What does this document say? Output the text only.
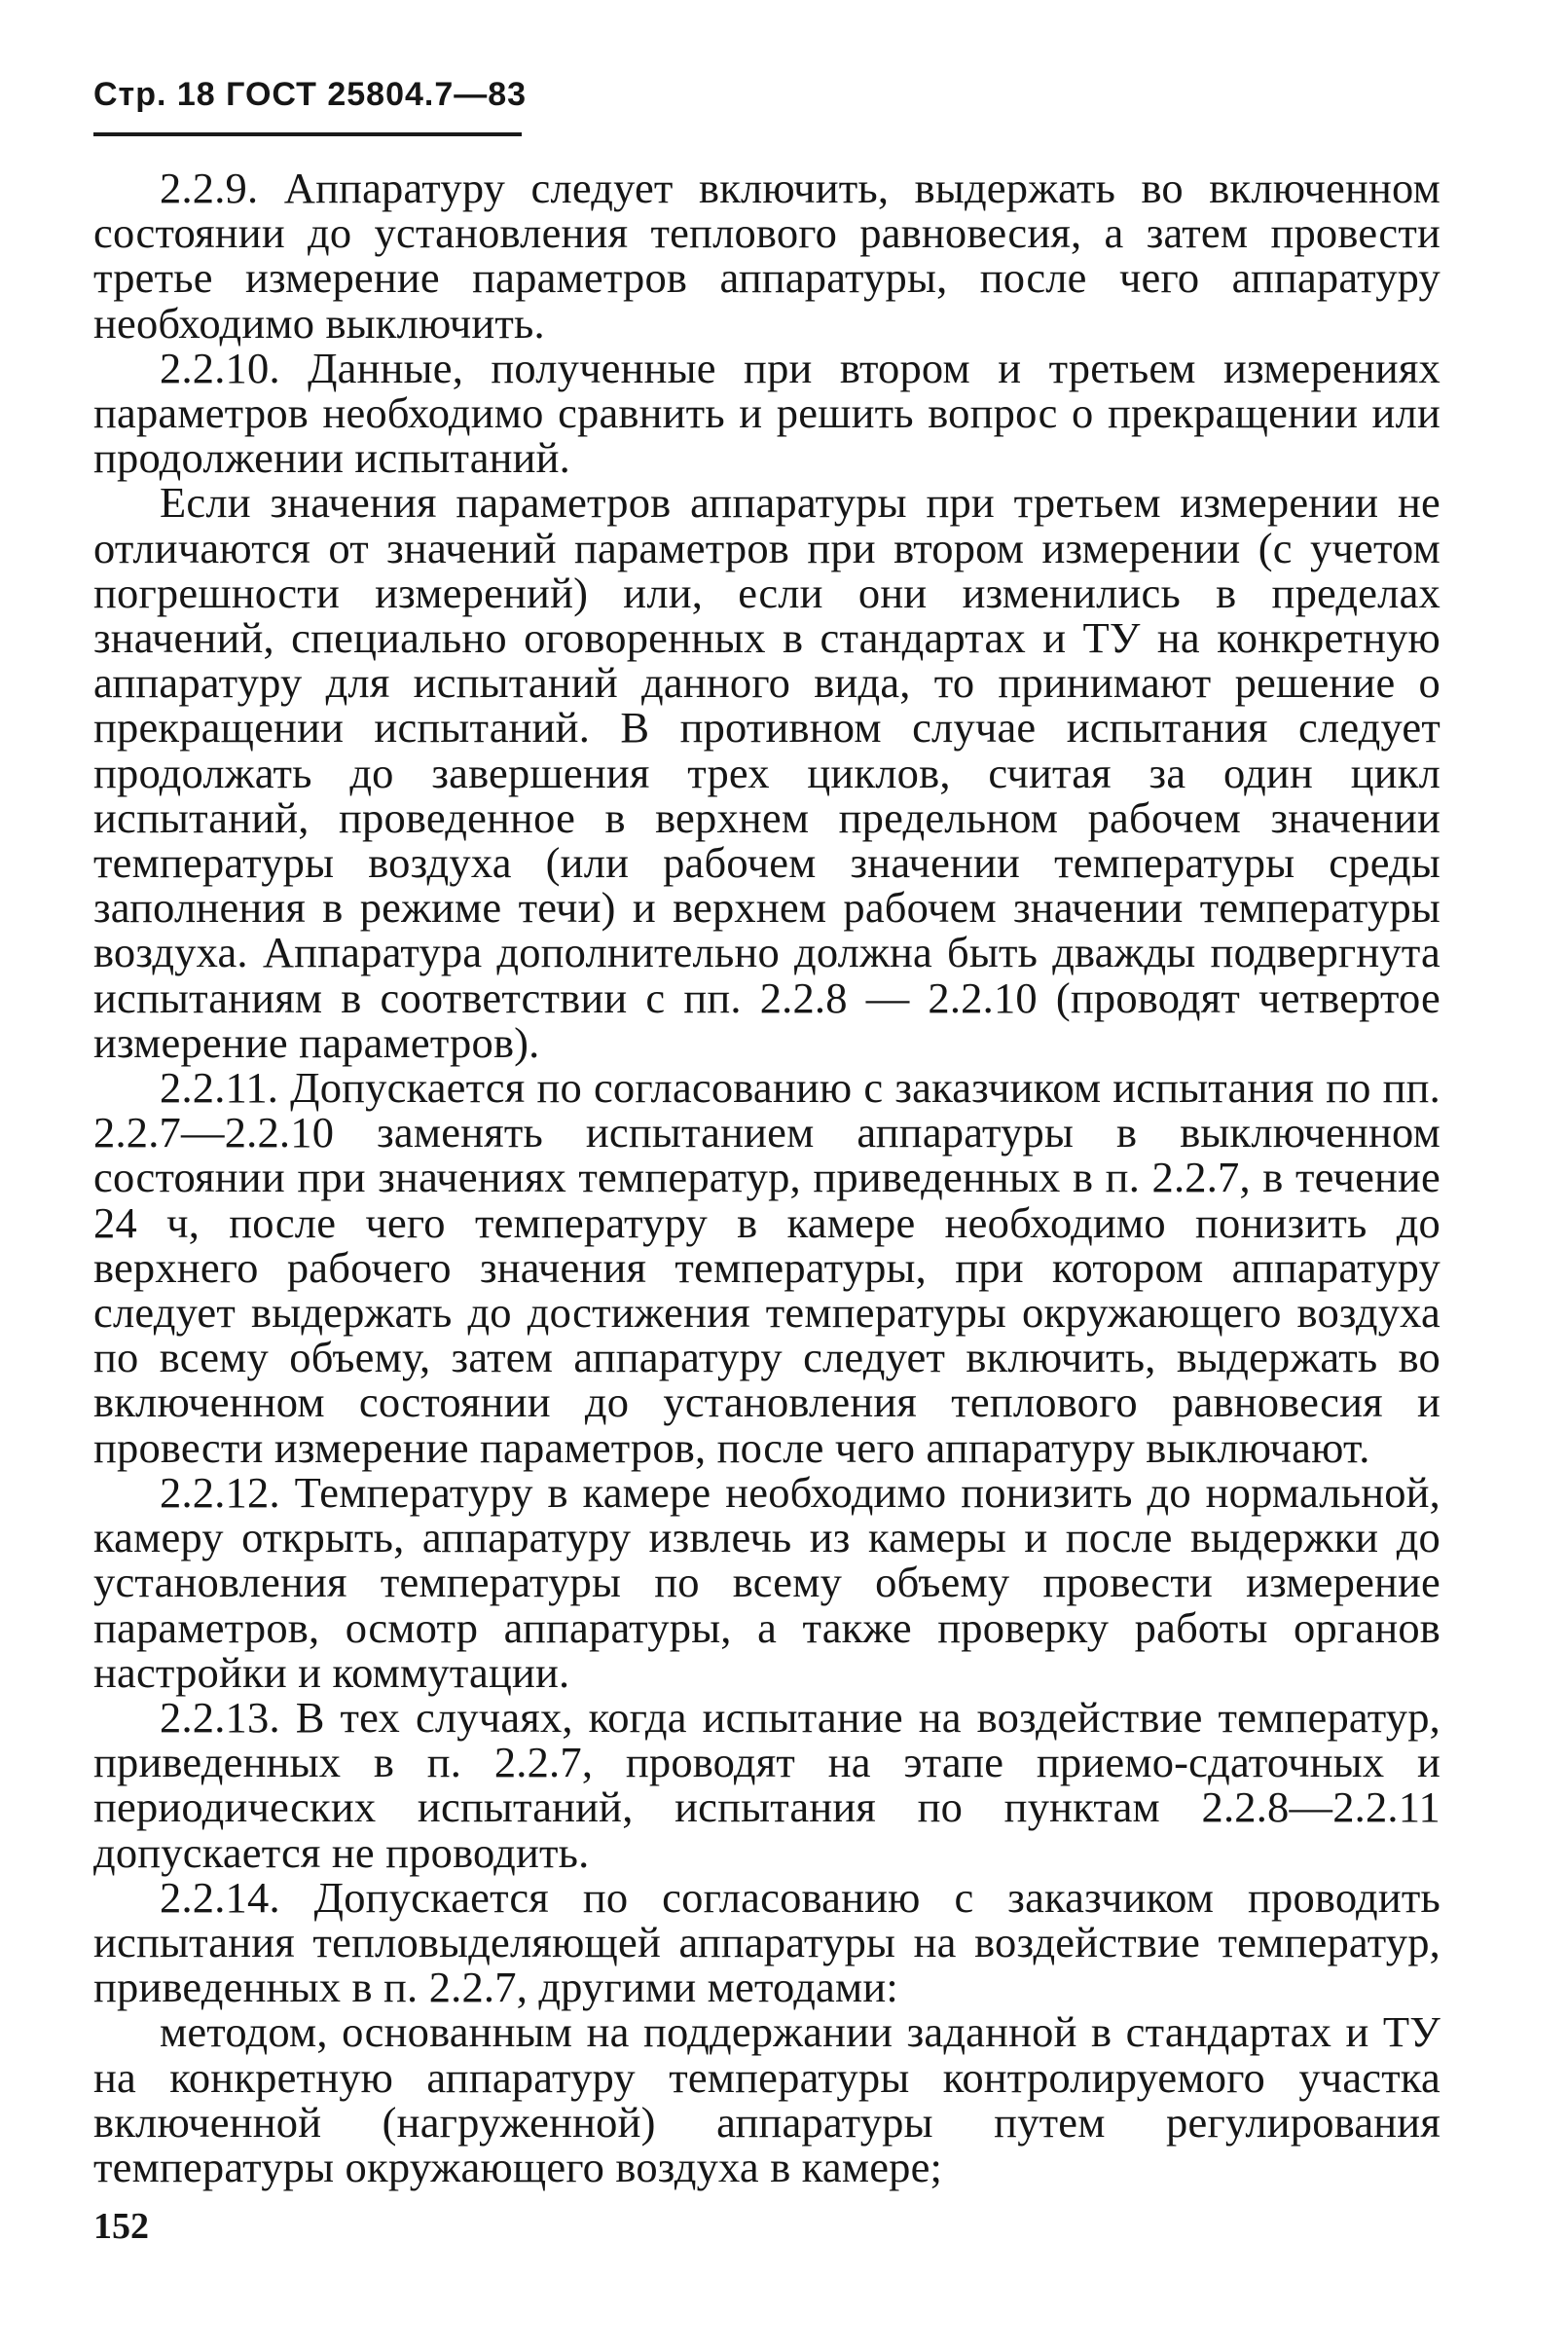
Стр. 18 ГОСТ 25804.7—83

2.2.9. Аппаратуру следует включить, выдержать во включенном состоянии до установления теплового равновесия, а затем провести третье измерение параметров аппаратуры, после чего аппаратуру необходимо выключить.

2.2.10. Данные, полученные при втором и третьем измерениях параметров необходимо сравнить и решить вопрос о прекращении или продолжении испытаний.

Если значения параметров аппаратуры при третьем измерении не отличаются от значений параметров при втором измерении (с учетом погрешности измерений) или, если они изменились в пределах значений, специально оговоренных в стандартах и ТУ на конкретную аппаратуру для испытаний данного вида, то принимают решение о прекращении испытаний. В противном случае испытания следует продолжать до завершения трех циклов, считая за один цикл испытаний, проведенное в верхнем предельном рабочем значении температуры воздуха (или рабочем значении температуры среды заполнения в режиме течи) и верхнем рабочем значении температуры воздуха. Аппаратура дополнительно должна быть дважды подвергнута испытаниям в соответствии с пп. 2.2.8 — 2.2.10 (проводят четвертое измерение параметров).

2.2.11. Допускается по согласованию с заказчиком испытания по пп. 2.2.7—2.2.10 заменять испытанием аппаратуры в выключенном состоянии при значениях температур, приведенных в п. 2.2.7, в течение 24 ч, после чего температуру в камере необходимо понизить до верхнего рабочего значения температуры, при котором аппаратуру следует выдержать до достижения температуры окружающего воздуха по всему объему, затем аппаратуру следует включить, выдержать во включенном состоянии до установления теплового равновесия и провести измерение параметров, после чего аппаратуру выключают.

2.2.12. Температуру в камере необходимо понизить до нормальной, камеру открыть, аппаратуру извлечь из камеры и после выдержки до установления температуры по всему объему провести измерение параметров, осмотр аппаратуры, а также проверку работы органов настройки и коммутации.

2.2.13. В тех случаях, когда испытание на воздействие температур, приведенных в п. 2.2.7, проводят на этапе приемо-сдаточных и периодических испытаний, испытания по пунктам 2.2.8—2.2.11 допускается не проводить.

2.2.14. Допускается по согласованию с заказчиком проводить испытания тепловыделяющей аппаратуры на воздействие температур, приведенных в п. 2.2.7, другими методами:

методом, основанным на поддержании заданной в стандартах и ТУ на конкретную аппаратуру температуры контролируемого участка включенной (нагруженной) аппаратуры путем регулирования температуры окружающего воздуха в камере;

152
